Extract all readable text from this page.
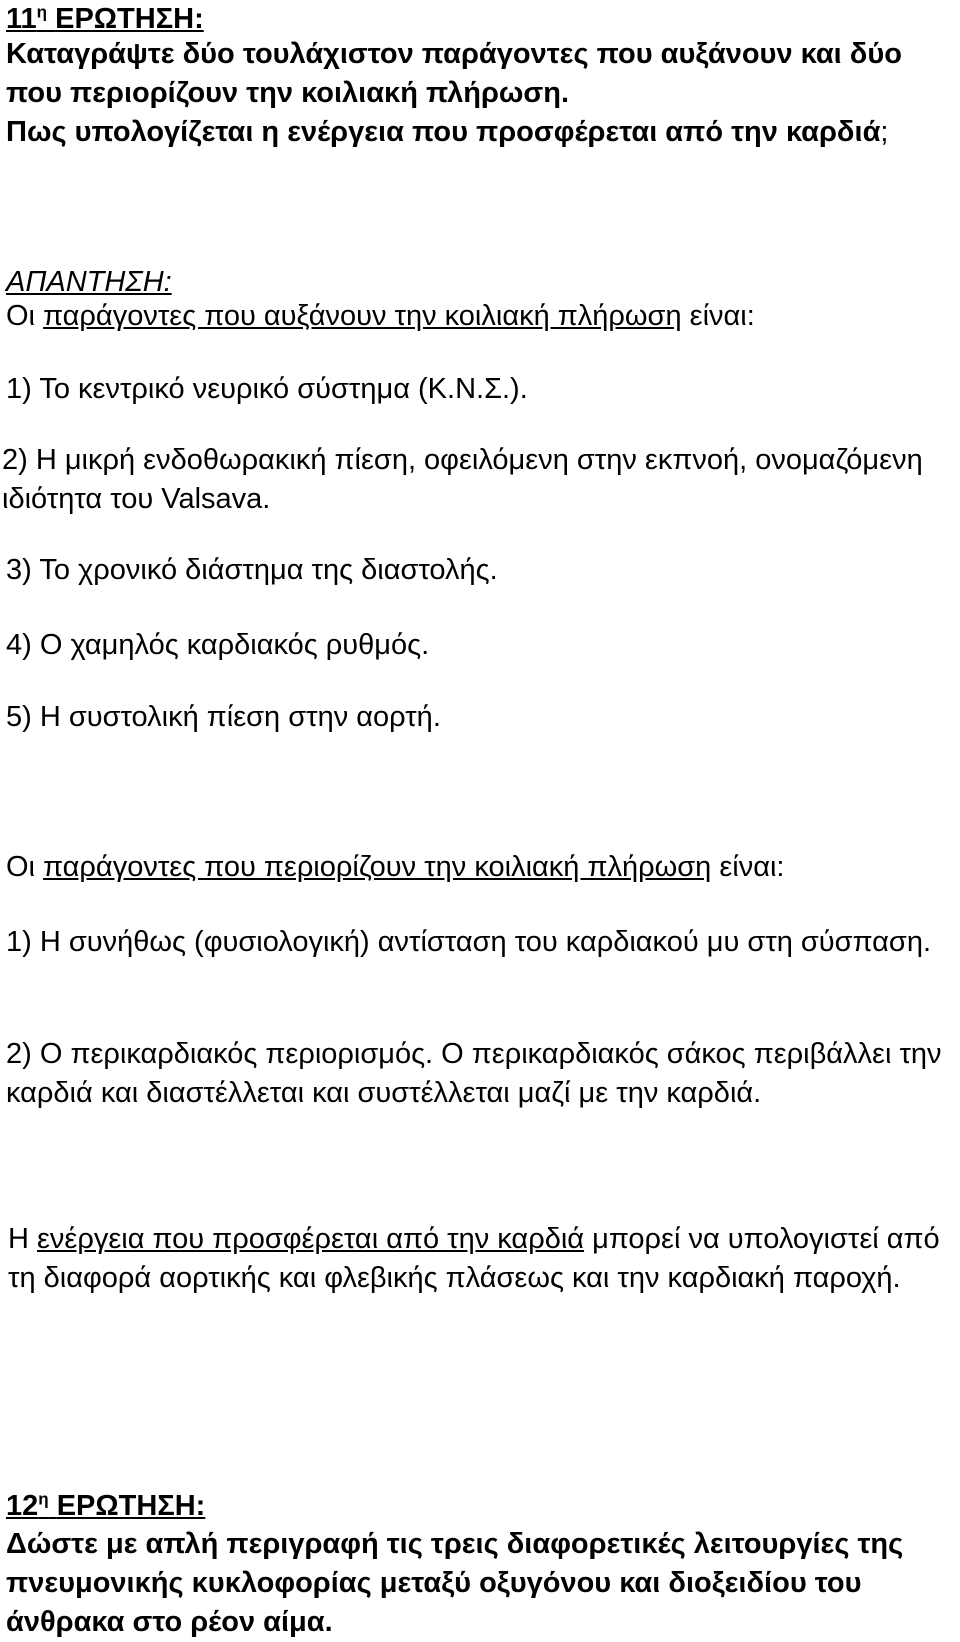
$11^\eta$ ΕΡΩΤΗΣΗ:

Καταγράψτε δύο τουλάχιστον παράγοντες που αυξάνουν και δύο που περιορίζουν την κοιλιακή πλήρωση.

Πως υπολογίζεται η ενέργεια που προσφέρεται από την καρδιά;

ΑΠΑΝΤΗΣΗ:

Οι παράγοντες που αυξάνουν την κοιλιακή πλήρωση είναι:

1) Το κεντρικό νευρικό σύστημα (Κ.Ν.Σ.).

2) Η μικρή ενδοθωρακική πίεση, οφειλόμενη στην εκπνοή, ονομαζόμενη ιδιότητα του Valsava.

3) Το χρονικό διάστημα της διαστολής.

4) Ο χαμηλός καρδιακός ρυθμός.

5) Η συστολική πίεση στην αορτή.

Οι παράγοντες που περιορίζουν την κοιλιακή πλήρωση είναι:

1) Η συνήθως (φυσιολογική) αντίσταση του καρδιακού μυ στη σύσπαση.

2) Ο περικαρδιακός περιορισμός. Ο περικαρδιακός σάκος περιβάλλει την καρδιά και διαστέλλεται και συστέλλεται μαζί με την καρδιά.

Η ενέργεια που προσφέρεται από την καρδιά μπορεί να υπολογιστεί από τη διαφορά αορτικής και φλεβικής πλάσεως και την καρδιακή παροχή.

$12^\eta$ ΕΡΩΤΗΣΗ:

Δώστε με απλή περιγραφή τις τρεις διαφορετικές λειτουργίες της πνευμονικής κυκλοφορίας μεταξύ οξυγόνου και διοξειδίου του άνθρακα στο ρέον αίμα.
